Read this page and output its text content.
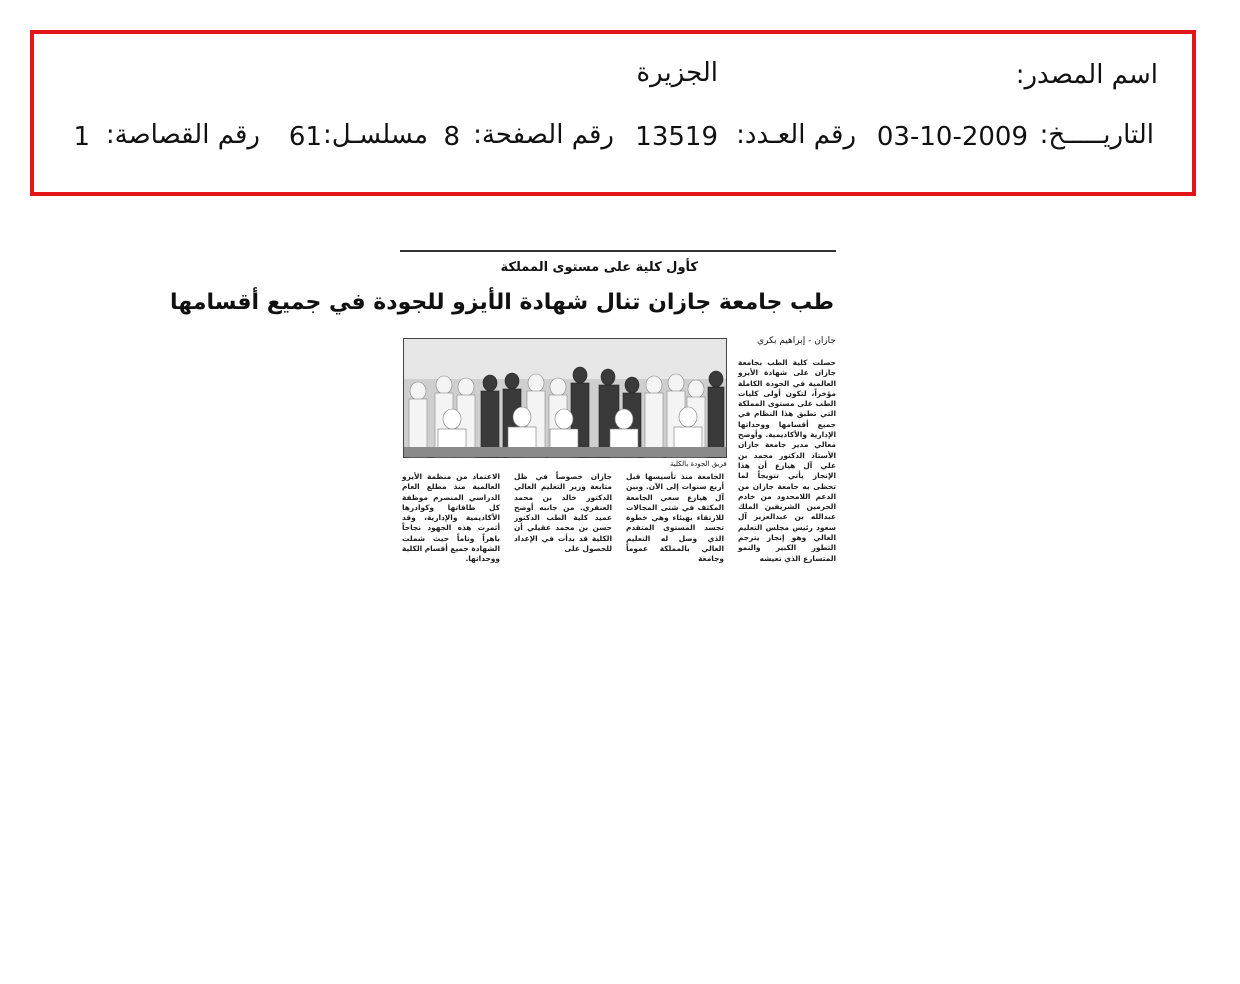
اسم المصدر:
الجزيرة
التاريـــــخ:
03-10-2009
رقم العـدد:
13519
رقم الصفحة:
8
مسلسـل:
61
رقم القصاصة:
1
كأول كلية على مستوى المملكة
طب جامعة جازان تنال شهادة الأيزو للجودة في جميع أقسامها
جازان - إبراهيم بكري
فريق الجودة بالكلية
حصلت كلية الطب بجامعة جازان على شهادة الأيزو العالمية في الجودة الكاملة مؤخراً، لتكون أولى كليات الطب على مستوى المملكة التي تطبق هذا النظام في جميع أقسامها ووحداتها الإدارية والأكاديمية. وأوضح معالي مدير جامعة جازان الأستاذ الدكتور محمد بن علي آل هيازع أن هذا الإنجاز يأتي تتويجاً لما تحظى به جامعة جازان من الدعم اللامحدود من خادم الحرمين الشريفين الملك عبدالله بن عبدالعزيز آل سعود رئيس مجلس التعليم العالي وهو إنجاز يترجم التطور الكبير والنمو المتسارع الذي تعيشه
الجامعة منذ تأسيسها قبل أربع سنوات إلى الآن. وبين آل هيازع سعي الجامعة المكثف في شتى المجالات للارتقاء بهيئاء وهي خطوة تجسد المستوى المتقدم الذي وصل له التعليم العالي بالمملكة عموماً وجامعة
جازان خصوصاً في ظل متابعة وزير التعليم العالي الدكتور خالد بن محمد العنقري. من جانبه أوضح عميد كلية الطب الدكتور حسن بن محمد عقيلي أن الكلية قد بدأت في الإعداد للحصول على
الاعتماد من منظمة الأيزو العالمية منذ مطلع العام الدراسي المنصرم موظفة كل طاقاتها وكوادرها الأكاديمية والإدارية، وقد أثمرت هذه الجهود نجاحاً باهراً وتاماً حيث شملت الشهادة جميع أقسام الكلية ووحداتها.
